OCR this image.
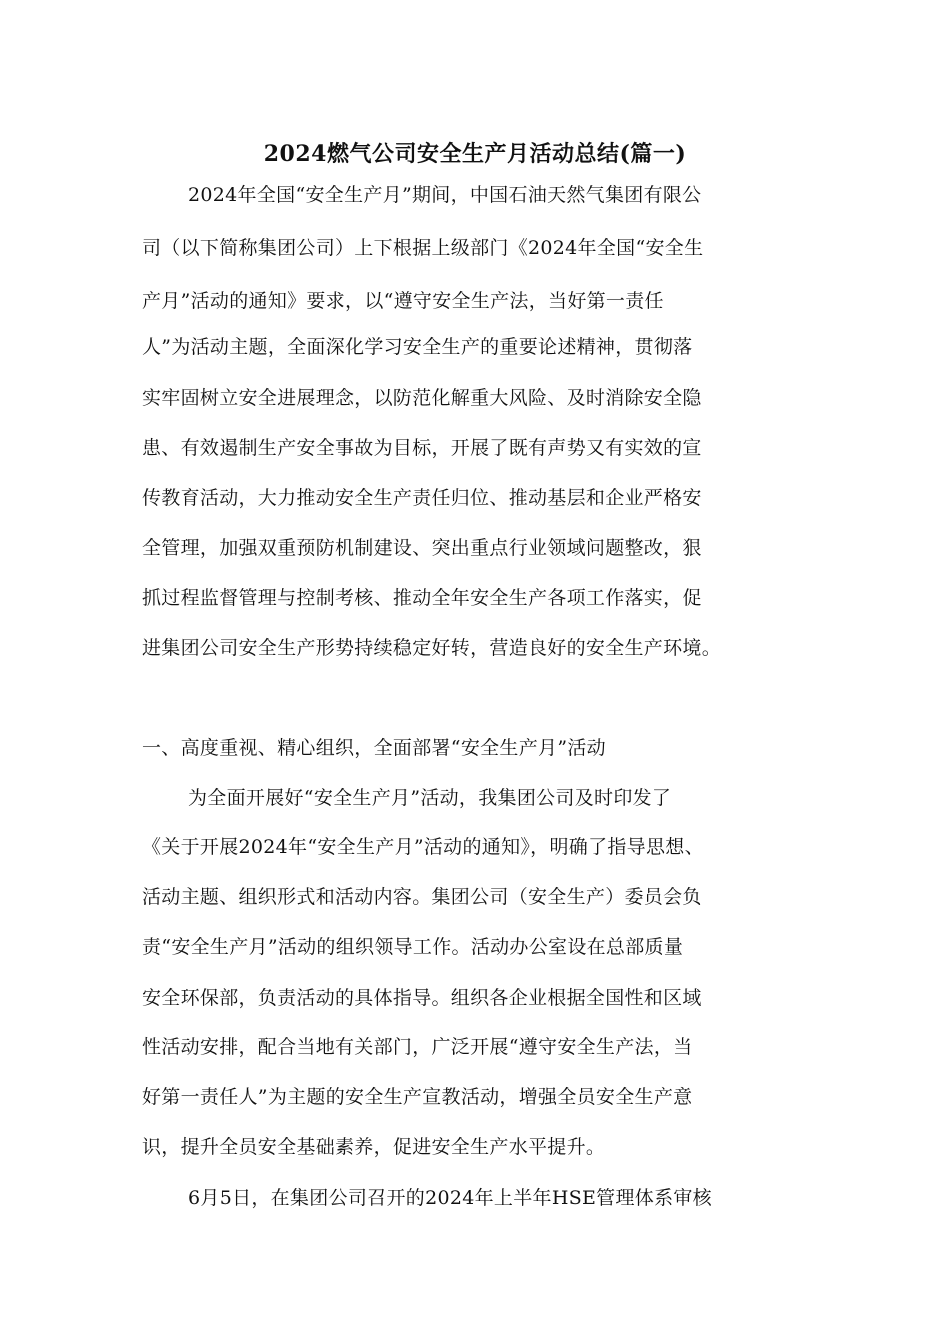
2024燃气公司安全生产月活动总结(篇一)
2024年全国“安全生产月”期间，中国石油天然气集团有限公
司（以下简称集团公司）上下根据上级部门《2024年全国“安全生
产月”活动的通知》要求，以“遵守安全生产法，当好第一责任
人”为活动主题，全面深化学习安全生产的重要论述精神，贯彻落
实牢固树立安全进展理念，以防范化解重大风险、及时消除安全隐
患、有效遏制生产安全事故为目标，开展了既有声势又有实效的宣
传教育活动，大力推动安全生产责任归位、推动基层和企业严格安
全管理，加强双重预防机制建设、突出重点行业领域问题整改，狠
抓过程监督管理与控制考核、推动全年安全生产各项工作落实，促
进集团公司安全生产形势持续稳定好转，营造良好的安全生产环境。
一、高度重视、精心组织，全面部署“安全生产月”活动
为全面开展好“安全生产月”活动，我集团公司及时印发了
《关于开展2024年“安全生产月”活动的通知》，明确了指导思想、
活动主题、组织形式和活动内容。集团公司（安全生产）委员会负
责“安全生产月”活动的组织领导工作。活动办公室设在总部质量
安全环保部，负责活动的具体指导。组织各企业根据全国性和区域
性活动安排，配合当地有关部门，广泛开展“遵守安全生产法，当
好第一责任人”为主题的安全生产宣教活动，增强全员安全生产意
识，提升全员安全基础素养，促进安全生产水平提升。
6月5日，在集团公司召开的2024年上半年HSE管理体系审核
